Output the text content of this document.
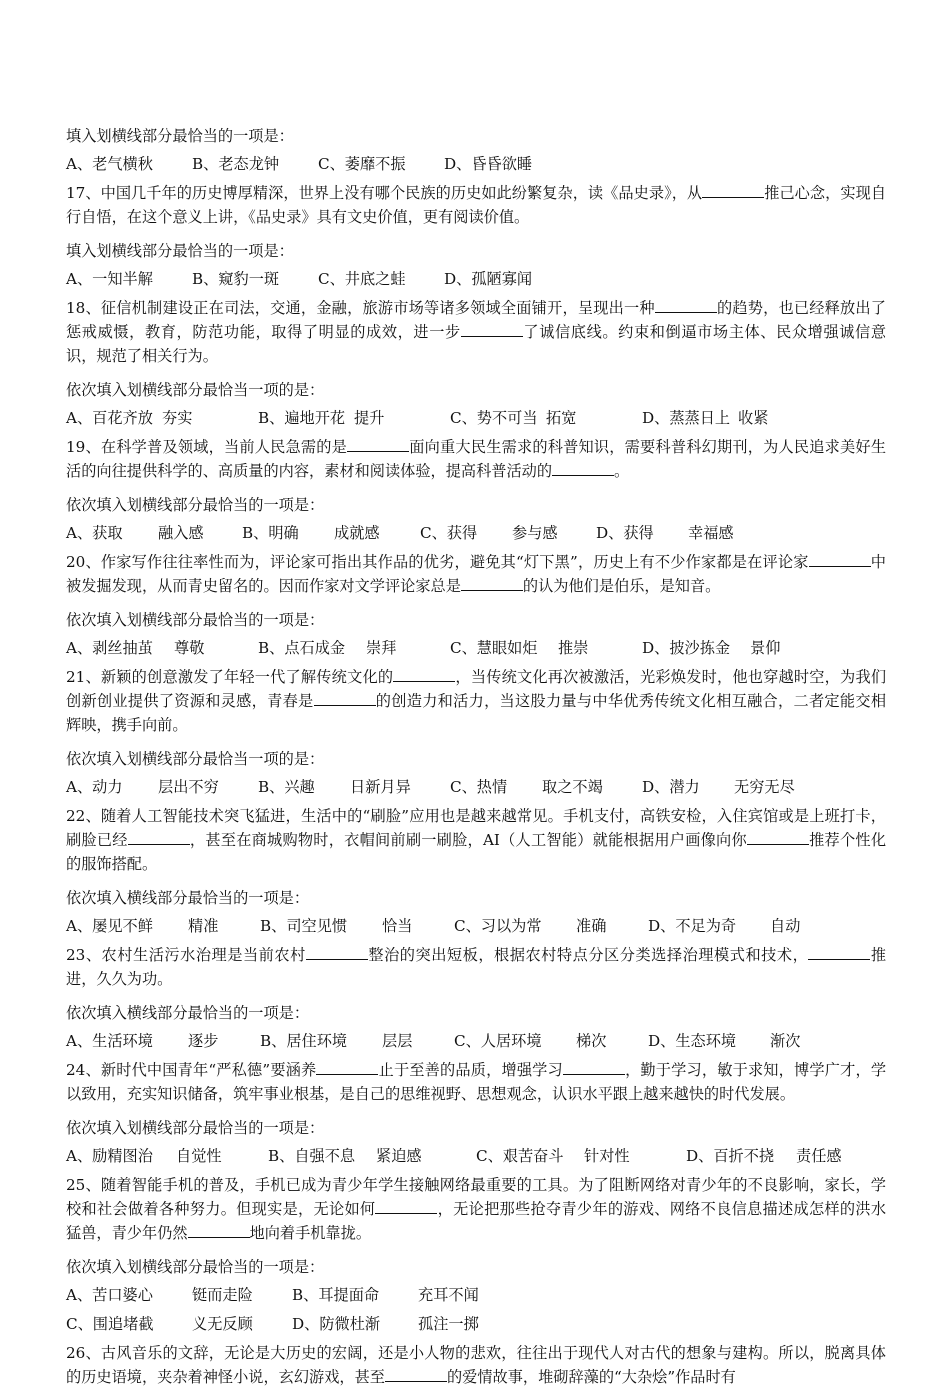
填入划横线部分最恰当的一项是：

A、老气横秋	B、老态龙钟	C、萎靡不振	D、昏昏欲睡

17、中国几千年的历史博厚精深，世界上没有哪个民族的历史如此纷繁复杂，读《品史录》，从	推己心念，实现自行自悟，在这个意义上讲，《品史录》具有文史价值，更有阅读价值。

填入划横线部分最恰当的一项是：

A、一知半解	B、窥豹一斑	C、井底之蛙	D、孤陋寡闻

18、征信机制建设正在司法，交通，金融，旅游市场等诸多领域全面铺开，呈现出一种	的趋势，也已经释放出了惩戒威慑，教育，防范功能，取得了明显的成效，进一步	了诚信底线。约束和倒逼市场主体、民众增强诚信意识，规范了相关行为。

依次填入划横线部分最恰当一项的是：

A、百花齐放 夯实	B、遍地开花 提升	C、势不可当 拓宽	D、蒸蒸日上 收紧

19、在科学普及领域，当前人民急需的是	面向重大民生需求的科普知识，需要科普科幻期刊，为人民追求美好生活的向往提供科学的、高质量的内容，素材和阅读体验，提高科普活动的	。

依次填入划横线部分最恰当的一项是：

A、获取	融入感	B、明确	成就感	C、获得	参与感	D、获得	幸福感

20、作家写作往往率性而为，评论家可指出其作品的优劣，避免其“灯下黑”，历史上有不少作家都是在评论家	中被发掘发现，从而青史留名的。因而作家对文学评论家总是	的认为他们是伯乐，是知音。

依次填入划横线部分最恰当的一项是：

A、剥丝抽茧	尊敬	B、点石成金	崇拜	C、慧眼如炬	推崇	D、披沙拣金	景仰

21、新颖的创意激发了年轻一代了解传统文化的	，当传统文化再次被激活，光彩焕发时，他也穿越时空，为我们创新创业提供了资源和灵感，青春是	的创造力和活力，当这股力量与中华优秀传统文化相互融合，二者定能交相辉映，携手向前。

依次填入划横线部分最恰当一项的是：

A、动力	层出不穷	B、兴趣	日新月异	C、热情	取之不竭	D、潜力	无穷无尽

22、随着人工智能技术突飞猛进，生活中的“刷脸”应用也是越来越常见。手机支付，高铁安检，入住宾馆或是上班打卡，刷脸已经	，甚至在商城购物时，衣帽间前刷一刷脸，AI（人工智能）就能根据用户画像向你	推荐个性化的服饰搭配。

依次填入横线部分最恰当的一项是：

A、屡见不鲜	精准	B、司空见惯	恰当	C、习以为常	准确	D、不足为奇	自动

23、农村生活污水治理是当前农村	整治的突出短板，根据农村特点分区分类选择治理模式和技术，	推进，久久为功。

依次填入横线部分最恰当的一项是：

A、生活环境	逐步	B、居住环境	层层	C、人居环境	梯次	D、生态环境	渐次

24、新时代中国青年“严私德”要涵养	止于至善的品质，增强学习	，勤于学习，敏于求知，博学广才，学以致用，充实知识储备，筑牢事业根基，是自己的思维视野、思想观念，认识水平跟上越来越快的时代发展。

依次填入划横线部分最恰当的一项是：

A、励精图治	自觉性	B、自强不息	紧迫感	C、艰苦奋斗	针对性	D、百折不挠	责任感

25、随着智能手机的普及，手机已成为青少年学生接触网络最重要的工具。为了阻断网络对青少年的不良影响，家长，学校和社会做着各种努力。但现实是，无论如何	，无论把那些抢夺青少年的游戏、网络不良信息描述成怎样的洪水猛兽，青少年仍然	地向着手机靠拢。

依次填入划横线部分最恰当的一项是：

A、苦口婆心	铤而走险	B、耳提面命	充耳不闻
C、围追堵截	义无反顾	D、防微杜渐	孤注一掷

26、古风音乐的文辞，无论是大历史的宏阔，还是小人物的悲欢，往往出于现代人对古代的想象与建构。所以，脱离具体的历史语境，夹杂着神怪小说，玄幻游戏，甚至	的爱情故事，堆砌辞藻的“大杂烩”作品时有
